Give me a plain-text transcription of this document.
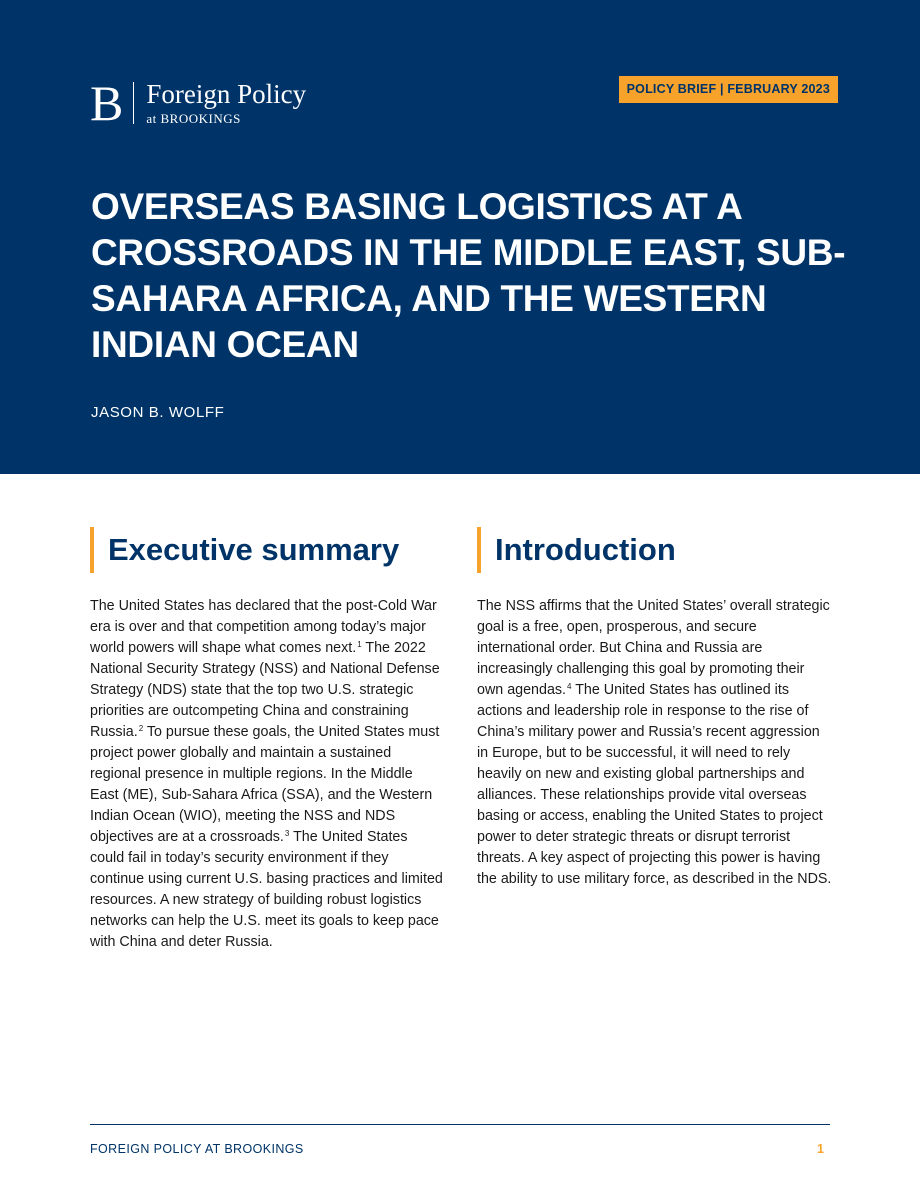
B Foreign Policy
at BROOKINGS
POLICY BRIEF | FEBRUARY 2023
OVERSEAS BASING LOGISTICS AT A CROSSROADS IN THE MIDDLE EAST, SUB-SAHARA AFRICA, AND THE WESTERN INDIAN OCEAN
JASON B. WOLFF
Executive summary
The United States has declared that the post-Cold War era is over and that competition among today’s major world powers will shape what comes next.$^1$ The 2022 National Security Strategy (NSS) and National Defense Strategy (NDS) state that the top two U.S. strategic priorities are outcompeting China and constraining Russia.$^2$ To pursue these goals, the United States must project power globally and maintain a sustained regional presence in multiple regions. In the Middle East (ME), Sub-Sahara Africa (SSA), and the Western Indian Ocean (WIO), meeting the NSS and NDS objectives are at a crossroads.$^3$ The United States could fail in today’s security environment if they continue using current U.S. basing practices and limited resources. A new strategy of building robust logistics networks can help the U.S. meet its goals to keep pace with China and deter Russia.
Introduction
The NSS affirms that the United States’ overall strategic goal is a free, open, prosperous, and secure international order. But China and Russia are increasingly challenging this goal by promoting their own agendas.$^4$ The United States has outlined its actions and leadership role in response to the rise of China’s military power and Russia’s recent aggression in Europe, but to be successful, it will need to rely heavily on new and existing global partnerships and alliances. These relationships provide vital overseas basing or access, enabling the United States to project power to deter strategic threats or disrupt terrorist threats. A key aspect of projecting this power is having the ability to use military force, as described in the NDS.
FOREIGN POLICY AT BROOKINGS	1
